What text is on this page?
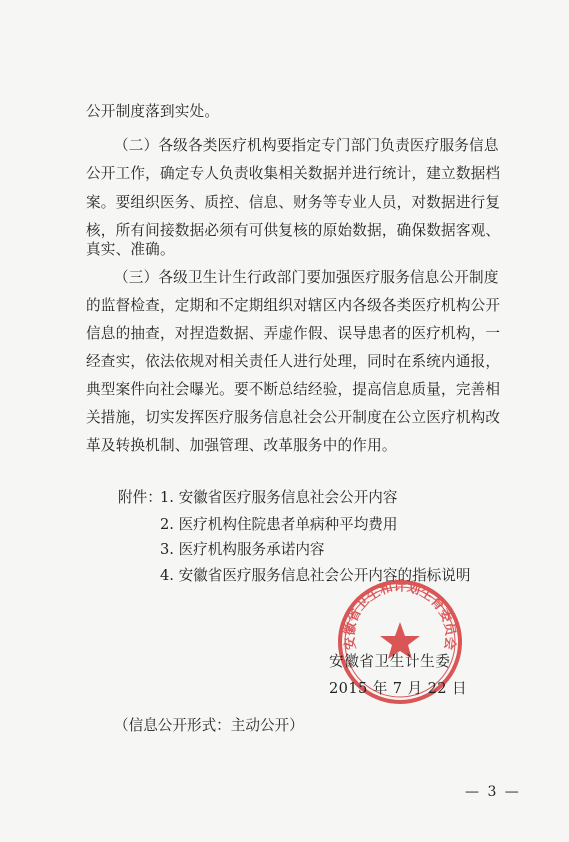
公开制度落到实处。
（二）各级各类医疗机构要指定专门部门负责医疗服务信息
公开工作，确定专人负责收集相关数据并进行统计，建立数据档
案。要组织医务、质控、信息、财务等专业人员，对数据进行复
核，所有间接数据必须有可供复核的原始数据，确保数据客观、
真实、准确。
（三）各级卫生计生行政部门要加强医疗服务信息公开制度
的监督检查，定期和不定期组织对辖区内各级各类医疗机构公开
信息的抽查，对捏造数据、弄虚作假、误导患者的医疗机构，一
经查实，依法依规对相关责任人进行处理，同时在系统内通报，
典型案件向社会曝光。要不断总结经验，提高信息质量，完善相
关措施，切实发挥医疗服务信息社会公开制度在公立医疗机构改
革及转换机制、加强管理、改革服务中的作用。
附件：
1. 安徽省医疗服务信息社会公开内容
2. 医疗机构住院患者单病种平均费用
3. 医疗机构服务承诺内容
4. 安徽省医疗服务信息社会公开内容的指标说明
安徽省卫生和计划生育委员会
安徽省卫生计生委
2015 年 7 月 22 日
（信息公开形式：主动公开）
— 3 —
